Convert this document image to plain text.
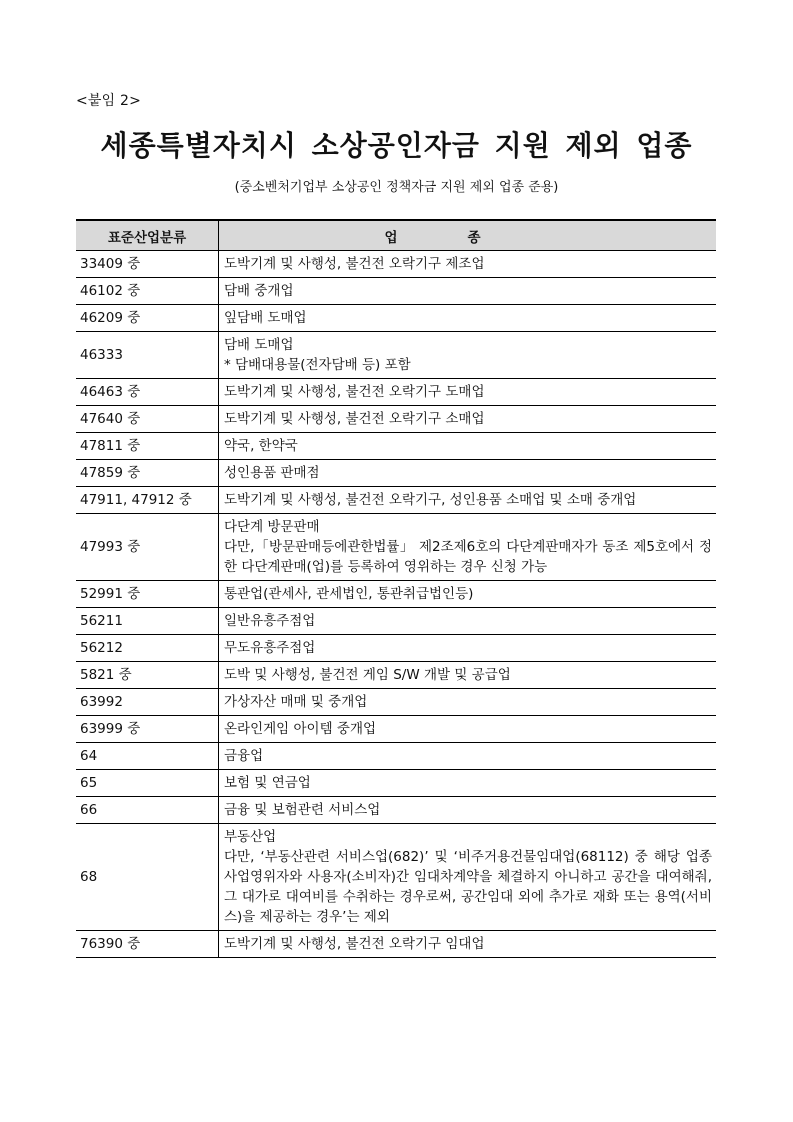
<붙임 2>
세종특별자치시 소상공인자금 지원 제외 업종
(중소벤처기업부 소상공인 정책자금 지원 제외 업종 준용)
표준산업분류	업종
33409 중	도박기계 및 사행성, 불건전 오락기구 제조업

46102 중	담배 중개업

46209 중	잎담배 도매업

46333	담배 도매업
* 담배대용물(전자담배 등) 포함

46463 중	도박기계 및 사행성, 불건전 오락기구 도매업

47640 중	도박기계 및 사행성, 불건전 오락기구 소매업

47811 중	약국, 한약국

47859 중	성인용품 판매점

47911, 47912 중	도박기계 및 사행성, 불건전 오락기구, 성인용품 소매업 및 소매 중개업

47993 중	다단계 방문판매
다만,「방문판매등에관한법률」 제2조제6호의 다단계판매자가 동조 제5호에서 정한 다단계판매(업)를 등록하여 영위하는 경우 신청 가능

52991 중	통관업(관세사, 관세법인, 통관취급법인등)

56211	일반유흥주점업

56212	무도유흥주점업

5821 중	도박 및 사행성, 불건전 게임 S/W 개발 및 공급업

63992	가상자산 매매 및 중개업

63999 중	온라인게임 아이템 중개업

64	금융업

65	보험 및 연금업

66	금융 및 보험관련 서비스업

68	부동산업
다만, ‘부동산관련 서비스업(682)’ 및 ‘비주거용건물임대업(68112) 중 해당 업종 사업영위자와 사용자(소비자)간 임대차계약을 체결하지 아니하고 공간을 대여해줘, 그 대가로 대여비를 수취하는 경우로써, 공간임대 외에 추가로 재화 또는 용역(서비스)을 제공하는 경우’는 제외

76390 중	도박기계 및 사행성, 불건전 오락기구 임대업
